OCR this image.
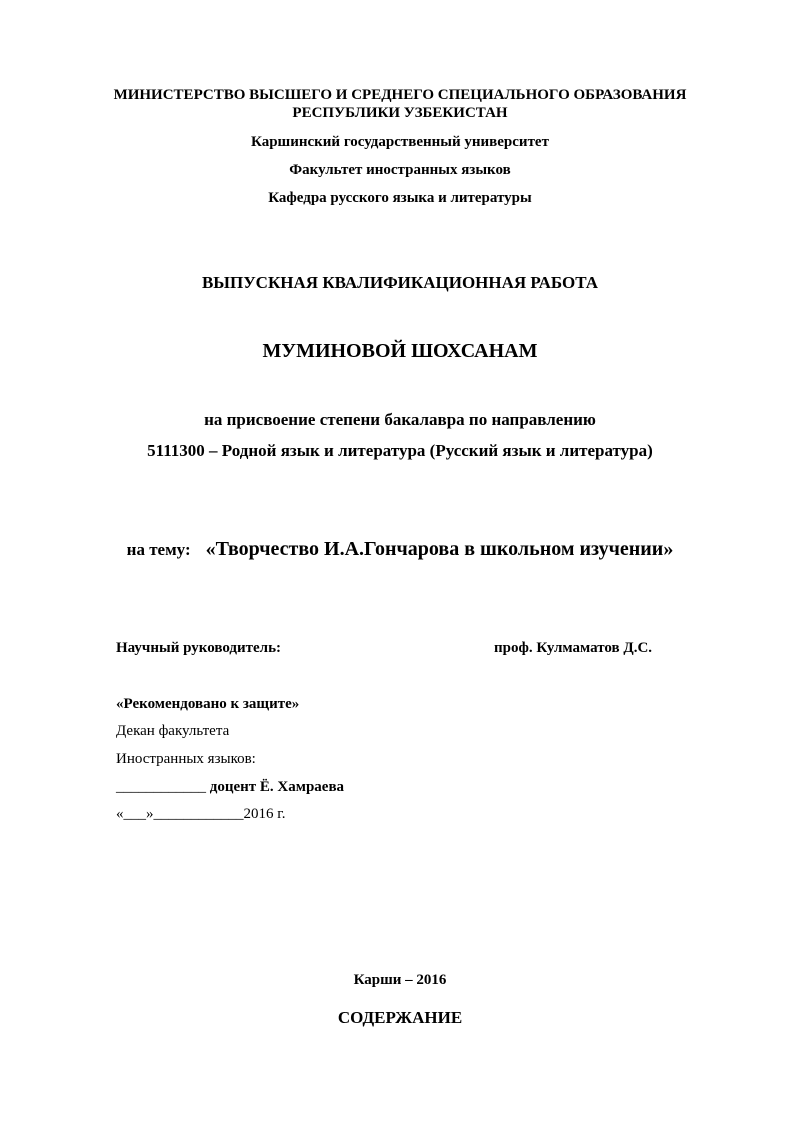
МИНИСТЕРСТВО ВЫСШЕГО И СРЕДНЕГО СПЕЦИАЛЬНОГО ОБРАЗОВАНИЯ
РЕСПУБЛИКИ УЗБЕКИСТАН
Каршинский государственный университет
Факультет иностранных языков
Кафедра русского языка и литературы
ВЫПУСКНАЯ КВАЛИФИКАЦИОННАЯ РАБОТА
МУМИНОВОЙ ШОХСАНАМ
на присвоение степени бакалавра по направлению
5111300 – Родной язык и литература (Русский язык и литература)
на тему: «Творчество И.А.Гончарова в школьном изучении»
Научный руководитель:	проф. Кулмаматов Д.С.
«Рекомендовано к защите»
Декан факультета
Иностранных языков:
____________ доцент Ё. Хамраева
«___»____________2016 г.
Карши – 2016
СОДЕРЖАНИЕ
